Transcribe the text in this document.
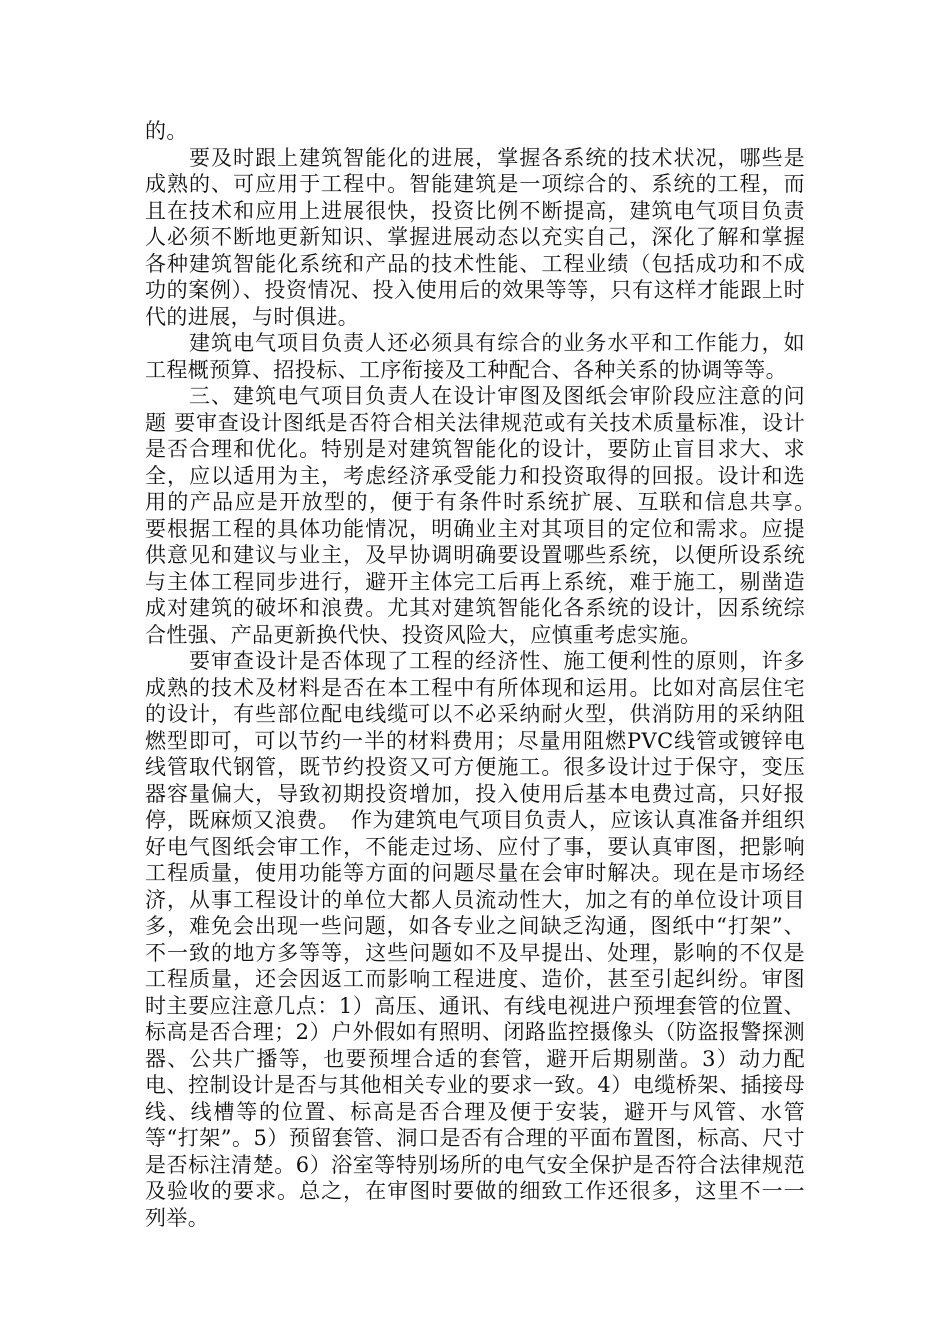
的。

要及时跟上建筑智能化的进展，掌握各系统的技术状况，哪些是成熟的、可应用于工程中。智能建筑是一项综合的、系统的工程，而且在技术和应用上进展很快，投资比例不断提高，建筑电气项目负责人必须不断地更新知识、掌握进展动态以充实自己，深化了解和掌握各种建筑智能化系统和产品的技术性能、工程业绩（包括成功和不成功的案例）、投资情况、投入使用后的效果等等，只有这样才能跟上时代的进展，与时俱进。

建筑电气项目负责人还必须具有综合的业务水平和工作能力，如工程概预算、招投标、工序衔接及工种配合、各种关系的协调等等。

三、建筑电气项目负责人在设计审图及图纸会审阶段应注意的问题 要审查设计图纸是否符合相关法律规范或有关技术质量标准，设计是否合理和优化。特别是对建筑智能化的设计，要防止盲目求大、求全，应以适用为主，考虑经济承受能力和投资取得的回报。设计和选用的产品应是开放型的，便于有条件时系统扩展、互联和信息共享。　要根据工程的具体功能情况，明确业主对其项目的定位和需求。应提供意见和建议与业主，及早协调明确要设置哪些系统，以便所设系统与主体工程同步进行，避开主体完工后再上系统，难于施工，剔凿造成对建筑的破坏和浪费。尤其对建筑智能化各系统的设计，因系统综合性强、产品更新换代快、投资风险大，应慎重考虑实施。

要审查设计是否体现了工程的经济性、施工便利性的原则，许多成熟的技术及材料是否在本工程中有所体现和运用。比如对高层住宅的设计，有些部位配电线缆可以不必采纳耐火型，供消防用的采纳阻燃型即可，可以节约一半的材料费用；尽量用阻燃PVC线管或镀锌电线管取代钢管，既节约投资又可方便施工。很多设计过于保守，变压器容量偏大，导致初期投资增加，投入使用后基本电费过高，只好报停，既麻烦又浪费。　作为建筑电气项目负责人，应该认真准备并组织好电气图纸会审工作，不能走过场、应付了事，要认真审图，把影响工程质量，使用功能等方面的问题尽量在会审时解决。现在是市场经济，从事工程设计的单位大都人员流动性大，加之有的单位设计项目多，难免会出现一些问题，如各专业之间缺乏沟通，图纸中“打架”、不一致的地方多等等，这些问题如不及早提出、处理，影响的不仅是工程质量，还会因返工而影响工程进度、造价，甚至引起纠纷。审图时主要应注意几点：1）高压、通讯、有线电视进户预埋套管的位置、标高是否合理；2）户外假如有照明、闭路监控摄像头（防盗报警探测器、公共广播等，也要预埋合适的套管，避开后期剔凿。3）动力配电、控制设计是否与其他相关专业的要求一致。4）电缆桥架、插接母线、线槽等的位置、标高是否合理及便于安装，避开与风管、水管等“打架”。5）预留套管、洞口是否有合理的平面布置图，标高、尺寸是否标注清楚。6）浴室等特别场所的电气安全保护是否符合法律规范及验收的要求。总之，在审图时要做的细致工作还很多，这里不一一列举。
